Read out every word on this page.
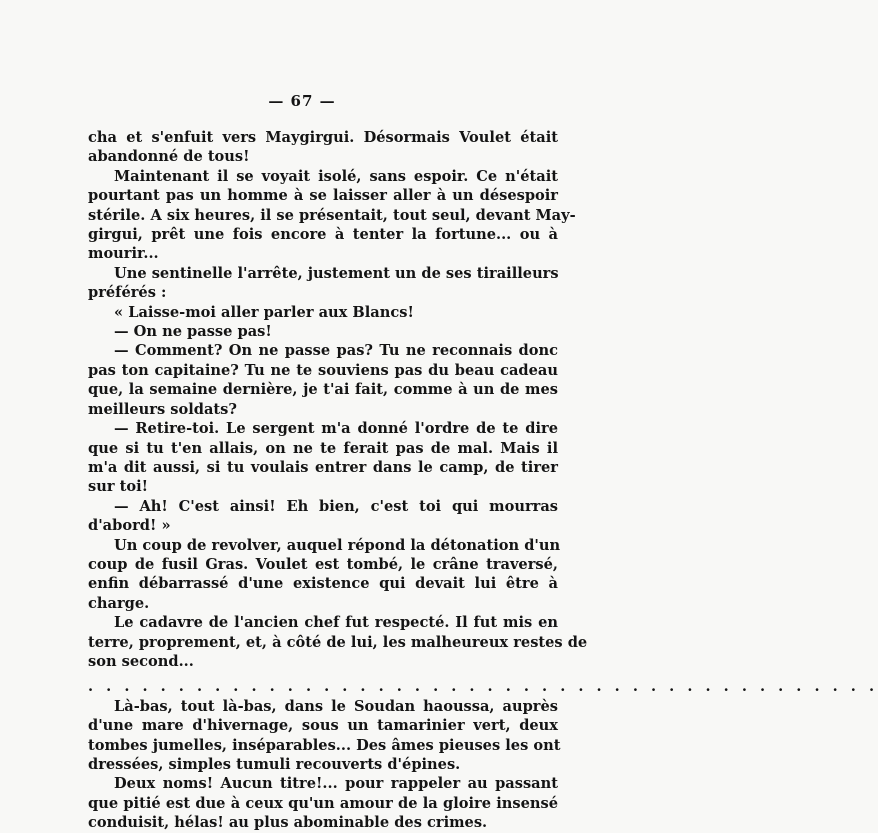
— 67 —

cha et s'enfuit vers Maygirgui. Désormais Voulet était
abandonné de tous!

Maintenant il se voyait isolé, sans espoir. Ce n'était
pourtant pas un homme à se laisser aller à un désespoir
stérile. A six heures, il se présentait, tout seul, devant May-
girgui, prêt une fois encore à tenter la fortune... ou à
mourir...

Une sentinelle l'arrête, justement un de ses tirailleurs
préférés :

« Laisse-moi aller parler aux Blancs!

— On ne passe pas!

— Comment? On ne passe pas? Tu ne reconnais donc
pas ton capitaine? Tu ne te souviens pas du beau cadeau
que, la semaine dernière, je t'ai fait, comme à un de mes
meilleurs soldats?

— Retire-toi. Le sergent m'a donné l'ordre de te dire
que si tu t'en allais, on ne te ferait pas de mal. Mais il
m'a dit aussi, si tu voulais entrer dans le camp, de tirer
sur toi!

— Ah! C'est ainsi! Eh bien, c'est toi qui mourras
d'abord! »

Un coup de revolver, auquel répond la détonation d'un
coup de fusil Gras. Voulet est tombé, le crâne traversé,
enfin débarrassé d'une existence qui devait lui être à
charge.

Le cadavre de l'ancien chef fut respecté. Il fut mis en
terre, proprement, et, à côté de lui, les malheureux restes de
son second...

. . . . . . . . . . . . . . . . . . . . . . . . . . . . . . . . . . . . . . . . . . . .

Là-bas, tout là-bas, dans le Soudan haoussa, auprès
d'une mare d'hivernage, sous un tamarinier vert, deux
tombes jumelles, inséparables... Des âmes pieuses les ont
dressées, simples tumuli recouverts d'épines.

Deux noms! Aucun titre!... pour rappeler au passant
que pitié est due à ceux qu'un amour de la gloire insensé
conduisit, hélas! au plus abominable des crimes.
